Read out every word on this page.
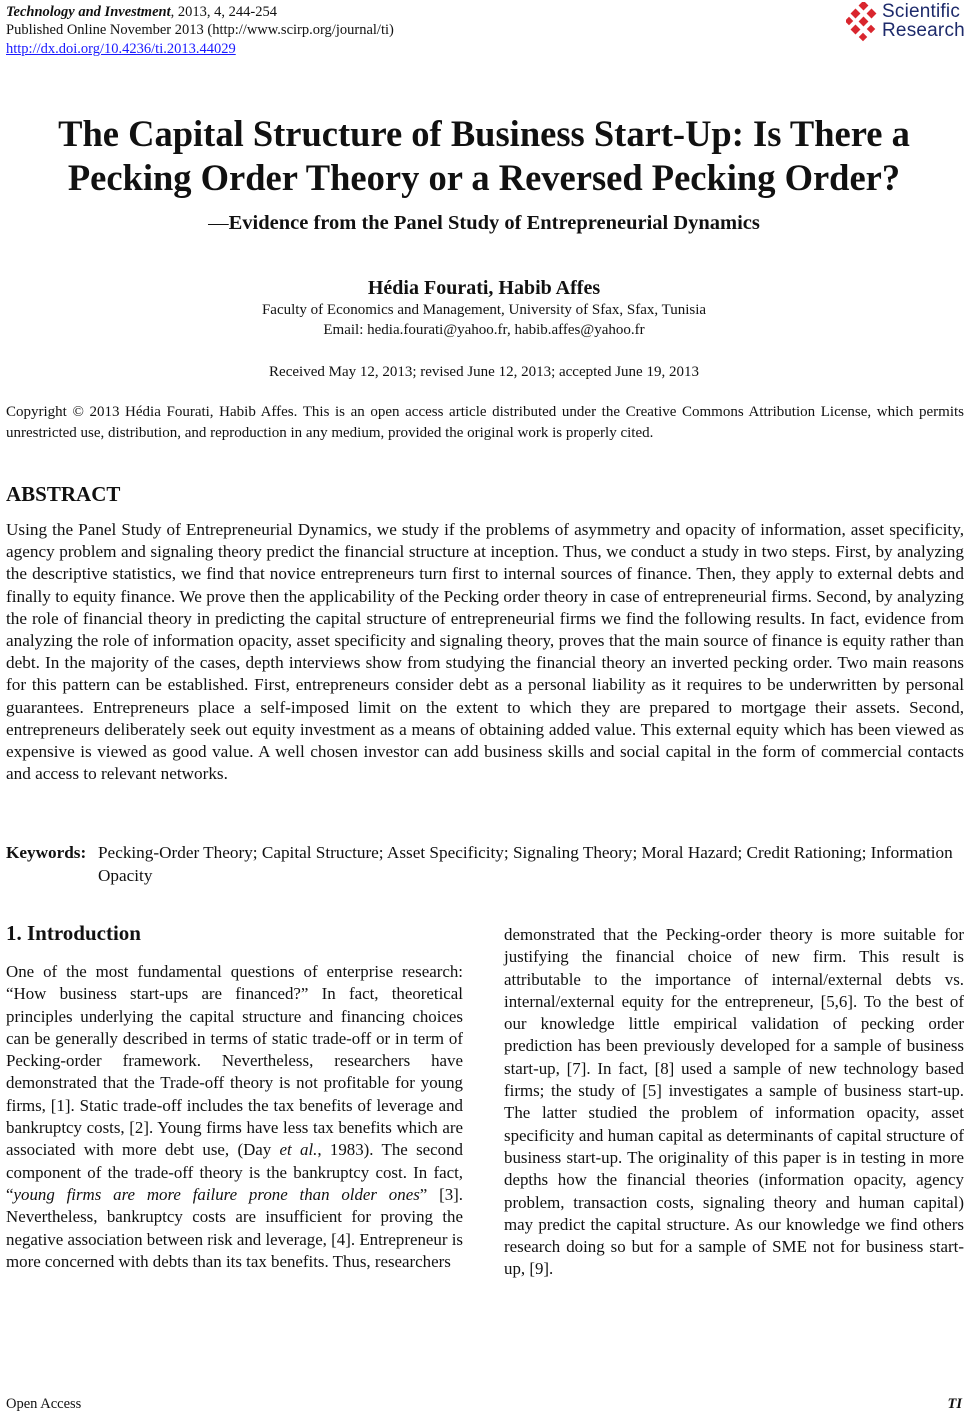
Technology and Investment, 2013, 4, 244-254
Published Online November 2013 (http://www.scirp.org/journal/ti)
http://dx.doi.org/10.4236/ti.2013.44029
Scientific
Research
The Capital Structure of Business Start-Up: Is There a
Pecking Order Theory or a Reversed Pecking Order?
—Evidence from the Panel Study of Entrepreneurial Dynamics
Hédia Fourati, Habib Affes
Faculty of Economics and Management, University of Sfax, Sfax, Tunisia
Email: hedia.fourati@yahoo.fr, habib.affes@yahoo.fr
Received May 12, 2013; revised June 12, 2013; accepted June 19, 2013
Copyright © 2013 Hédia Fourati, Habib Affes. This is an open access article distributed under the Creative Commons Attribution License, which permits unrestricted use, distribution, and reproduction in any medium, provided the original work is properly cited.
ABSTRACT
Using the Panel Study of Entrepreneurial Dynamics, we study if the problems of asymmetry and opacity of information, asset specificity, agency problem and signaling theory predict the financial structure at inception. Thus, we conduct a study in two steps. First, by analyzing the descriptive statistics, we find that novice entrepreneurs turn first to internal sources of finance. Then, they apply to external debts and finally to equity finance. We prove then the applicability of the Pecking order theory in case of entrepreneurial firms. Second, by analyzing the role of financial theory in predicting the capital structure of entrepreneurial firms we find the following results. In fact, evidence from analyzing the role of information opacity, asset specificity and signaling theory, proves that the main source of finance is equity rather than debt. In the majority of the cases, depth interviews show from studying the financial theory an inverted pecking order. Two main reasons for this pattern can be established. First, entrepreneurs consider debt as a personal liability as it requires to be underwritten by personal guarantees. Entrepreneurs place a self-imposed limit on the extent to which they are prepared to mortgage their assets. Second, entrepreneurs deliberately seek out equity investment as a means of obtaining added value. This external equity which has been viewed as expensive is viewed as good value. A well chosen investor can add business skills and social capital in the form of commercial contacts and access to relevant networks.
Keywords: Pecking-Order Theory; Capital Structure; Asset Specificity; Signaling Theory; Moral Hazard; Credit Rationing; Information Opacity
1. Introduction
One of the most fundamental questions of enterprise research: “How business start-ups are financed?” In fact, theoretical principles underlying the capital structure and financing choices can be generally described in terms of static trade-off or in term of Pecking-order framework. Nevertheless, researchers have demonstrated that the Trade-off theory is not profitable for young firms, [1]. Static trade-off includes the tax benefits of leverage and bankruptcy costs, [2]. Young firms have less tax benefits which are associated with more debt use, (Day et al., 1983). The second component of the trade-off theory is the bankruptcy cost. In fact, “young firms are more failure prone than older ones” [3]. Nevertheless, bankruptcy costs are insufficient for proving the negative association between risk and leverage, [4]. Entrepreneur is more concerned with debts than its tax benefits. Thus, researchers
demonstrated that the Pecking-order theory is more suitable for justifying the financial choice of new firm. This result is attributable to the importance of internal/external debts vs. internal/external equity for the entrepreneur, [5,6]. To the best of our knowledge little empirical validation of pecking order prediction has been previously developed for a sample of business start-up, [7]. In fact, [8] used a sample of new technology based firms; the study of [5] investigates a sample of business start-up. The latter studied the problem of information opacity, asset specificity and human capital as determinants of capital structure of business start-up. The originality of this paper is in testing in more depths how the financial theories (information opacity, agency problem, transaction costs, signaling theory and human capital) may predict the capital structure. As our knowledge we find others research doing so but for a sample of SME not for business start-up, [9].
Open Access	TI
